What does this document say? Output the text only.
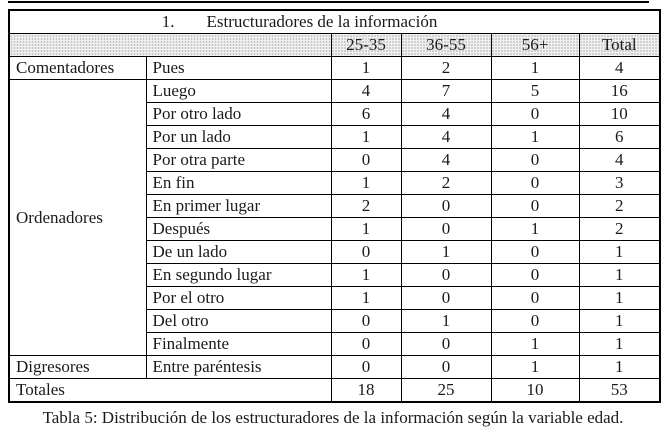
1. Estructuradores de la información					

		25-35	36-55	56+	Total
Comentadores	Pues	1	2	1	4
Ordenadores	Luego	4	7	5	16
	Por otro lado	6	4	0	10
	Por un lado	1	4	1	6
	Por otra parte	0	4	0	4
	En fin	1	2	0	3
	En primer lugar	2	0	0	2
	Después	1	0	1	2
	De un lado	0	1	0	1
	En segundo lugar	1	0	0	1
	Por el otro	1	0	0	1
	Del otro	0	1	0	1
	Finalmente	0	0	1	1
Digresores	Entre paréntesis	0	0	1	1
Totales		18	25	10	53
Tabla 5: Distribución de los estructuradores de la información según la variable edad.
